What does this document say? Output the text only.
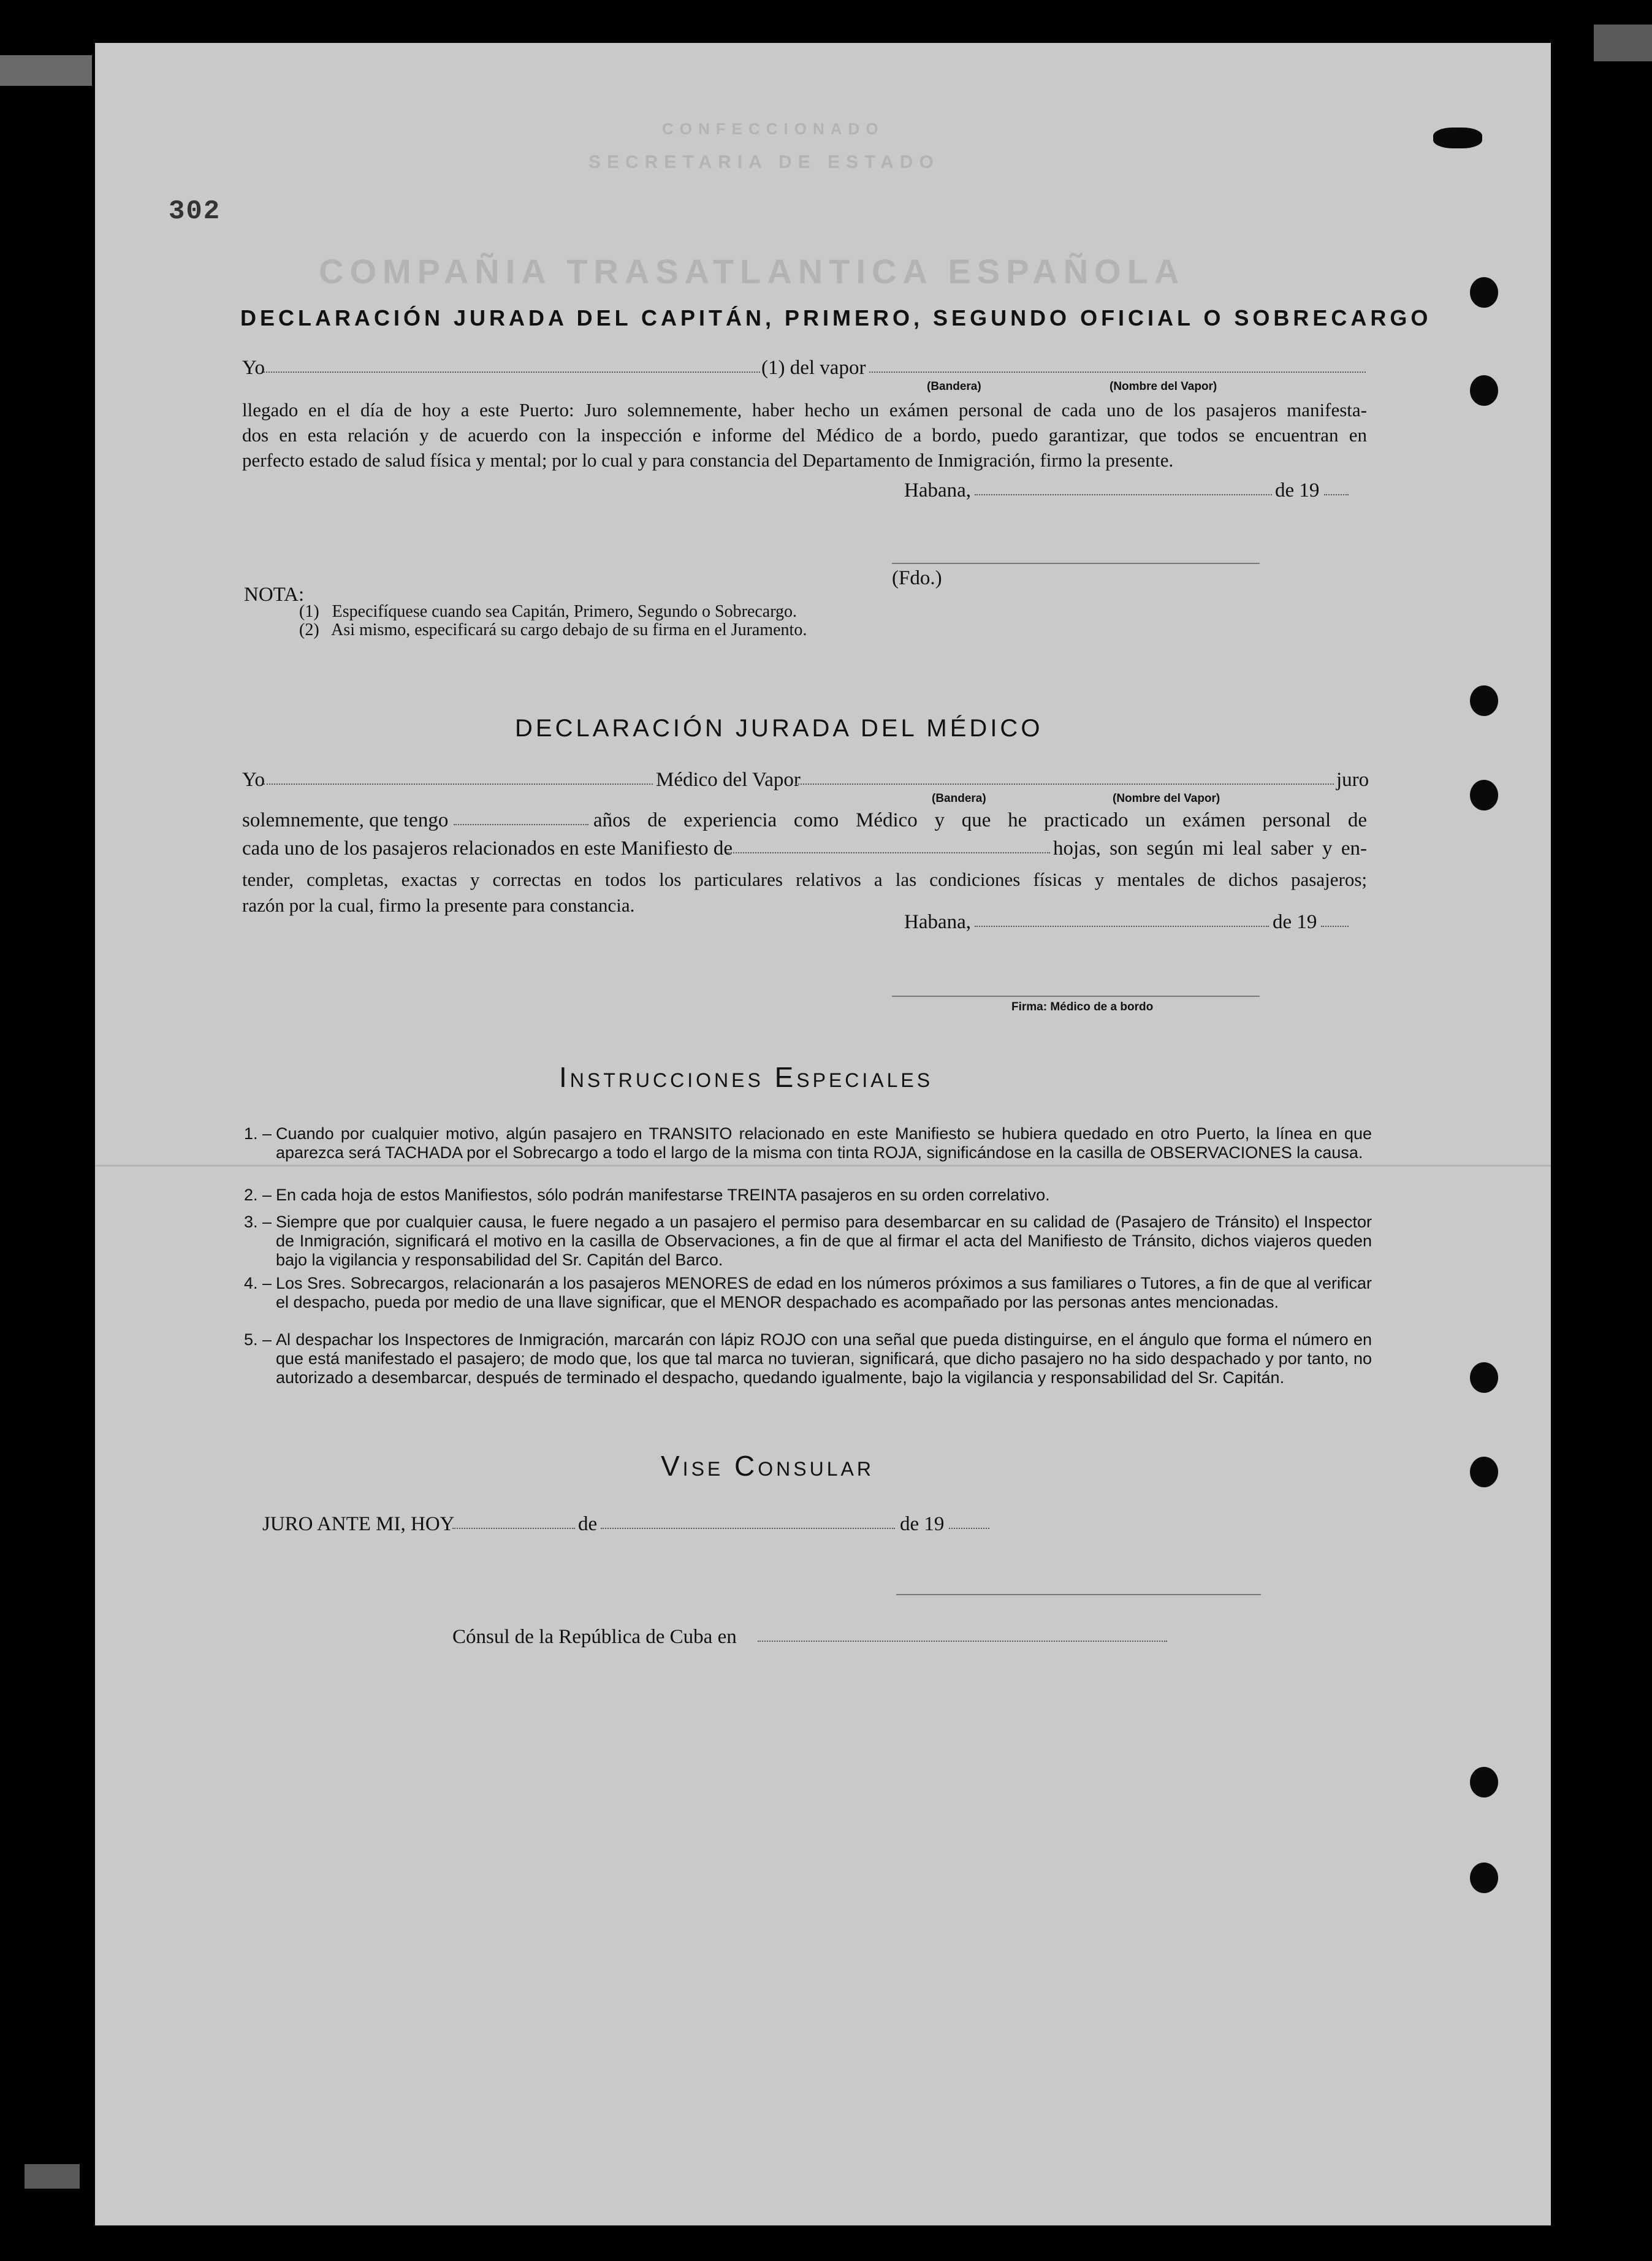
302
CONFECCIONADO
SECRETARIA DE ESTADO
COMPAÑIA TRASATLANTICA ESPAÑOLA
DECLARACIÓN JURADA DEL CAPITÁN, PRIMERO, SEGUNDO OFICIAL O SOBRECARGO
Yo	(1) del vapor
(Bandera)	(Nombre del Vapor)
llegado en el día de hoy a este Puerto: Juro solemnemente, haber hecho un exámen personal de cada uno de los pasajeros manifesta-
dos en esta relación y de acuerdo con la inspección e informe del Médico de a bordo, puedo garantizar, que todos se encuentran en
perfecto estado de salud física y mental; por lo cual y para constancia del Departamento de Inmigración, firmo la presente.
Habana,	de 19
(Fdo.)
NOTA:
(1)   Especifíquese cuando sea Capitán, Primero, Segundo o Sobrecargo.
(2)   Asi mismo, especificará su cargo debajo de su firma en el Juramento.
DECLARACIÓN JURADA DEL MÉDICO
Yo	Médico del Vapor	juro
(Bandera)	(Nombre del Vapor)
solemnemente, que tengo	años de experiencia como Médico y que he practicado un exámen personal de
cada uno de los pasajeros relacionados en este Manifiesto de	hojas, son según mi leal saber y en-
tender, completas, exactas y correctas en todos los particulares relativos a las condiciones físicas y mentales de dichos pasajeros;
razón por la cual, firmo la presente para constancia.
Habana,	de 19
Firma: Médico de a bordo
Instrucciones Especiales
1. – Cuando por cualquier motivo, algún pasajero en TRANSITO relacionado en este Manifiesto se hubiera quedado en otro Puerto, la línea en que aparezca será TACHADA por el Sobrecargo a todo el largo de la misma con tinta ROJA, significándose en la casilla de OBSERVACIONES la causa.
2. – En cada hoja de estos Manifiestos, sólo podrán manifestarse TREINTA pasajeros en su orden correlativo.
3. – Siempre que por cualquier causa, le fuere negado a un pasajero el permiso para desembarcar en su calidad de (Pasajero de Tránsito) el Inspector de Inmigración, significará el motivo en la casilla de Observaciones, a fin de que al firmar el acta del Manifiesto de Tránsito, dichos viajeros queden bajo la vigilancia y responsabilidad del Sr. Capitán del Barco.
4. – Los Sres. Sobrecargos, relacionarán a los pasajeros MENORES de edad en los números próximos a sus familiares o Tutores, a fin de que al verificar el despacho, pueda por medio de una llave significar, que el MENOR despachado es acompañado por las personas antes mencionadas.
5. – Al despachar los Inspectores de Inmigración, marcarán con lápiz ROJO con una señal que pueda distinguirse, en el ángulo que forma el número en que está manifestado el pasajero; de modo que, los que tal marca no tuvieran, significará, que dicho pasajero no ha sido despachado y por tanto, no autorizado a desembarcar, después de terminado el despacho, quedando igualmente, bajo la vigilancia y responsabilidad del Sr. Capitán.
Vise Consular
JURO ANTE MI, HOY	de	de 19
Cónsul de la República de Cuba en
